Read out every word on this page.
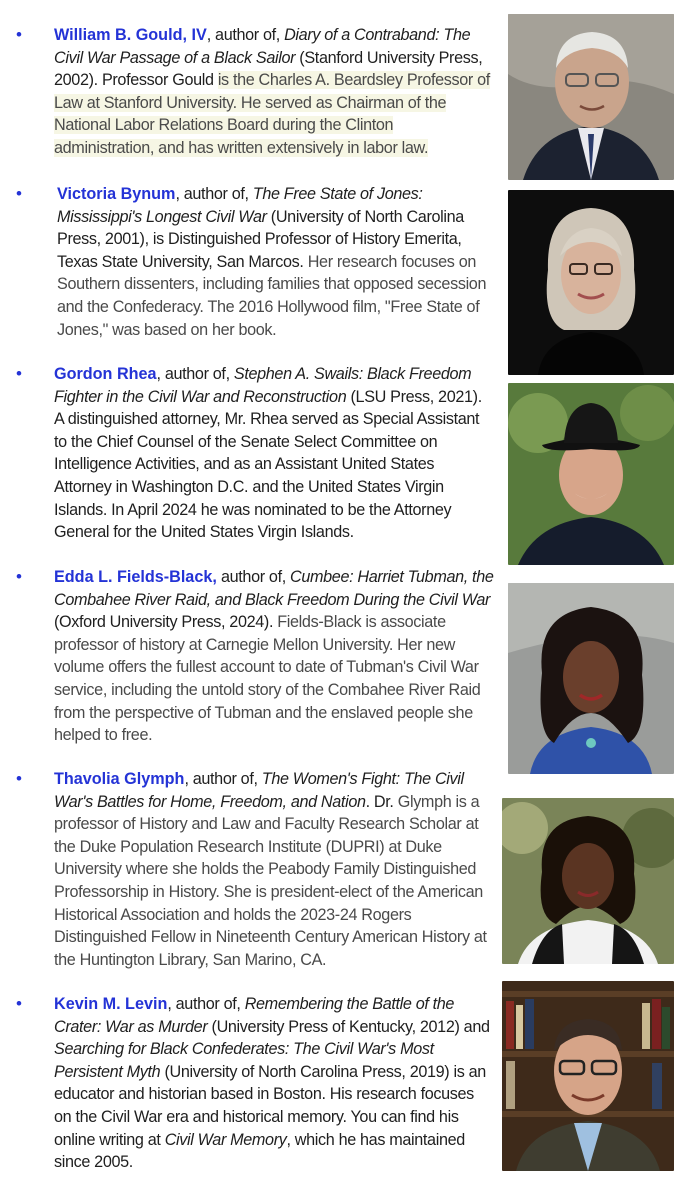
• William B. Gould, IV, author of, Diary of a Contraband: The Civil War Passage of a Black Sailor (Stanford University Press, 2002). Professor Gould is the Charles A. Beardsley Professor of Law at Stanford University. He served as Chairman of the National Labor Relations Board during the Clinton administration, and has written extensively in labor law.
• Victoria Bynum, author of, The Free State of Jones: Mississippi's Longest Civil War (University of North Carolina Press, 2001), is Distinguished Professor of History Emerita, Texas State University, San Marcos. Her research focuses on Southern dissenters, including families that opposed secession and the Confederacy. The 2016 Hollywood film, "Free State of Jones," was based on her book.
• Gordon Rhea, author of, Stephen A. Swails: Black Freedom Fighter in the Civil War and Reconstruction (LSU Press, 2021). A distinguished attorney, Mr. Rhea served as Special Assistant to the Chief Counsel of the Senate Select Committee on Intelligence Activities, and as an Assistant United States Attorney in Washington D.C. and the United States Virgin Islands. In April 2024 he was nominated to be the Attorney General for the United States Virgin Islands.
• Edda L. Fields-Black, author of, Cumbee: Harriet Tubman, the Combahee River Raid, and Black Freedom During the Civil War (Oxford University Press, 2024). Fields-Black is associate professor of history at Carnegie Mellon University. Her new volume offers the fullest account to date of Tubman's Civil War service, including the untold story of the Combahee River Raid from the perspective of Tubman and the enslaved people she helped to free.
• Thavolia Glymph, author of, The Women's Fight: The Civil War's Battles for Home, Freedom, and Nation. Dr. Glymph is a professor of History and Law and Faculty Research Scholar at the Duke Population Research Institute (DUPRI) at Duke University where she holds the Peabody Family Distinguished Professorship in History. She is president-elect of the American Historical Association and holds the 2023-24 Rogers Distinguished Fellow in Nineteenth Century American History at the Huntington Library, San Marino, CA.
• Kevin M. Levin, author of, Remembering the Battle of the Crater: War as Murder (University Press of Kentucky, 2012) and Searching for Black Confederates: The Civil War's Most Persistent Myth (University of North Carolina Press, 2019) is an educator and historian based in Boston. His research focuses on the Civil War era and historical memory. You can find his online writing at Civil War Memory, which he has maintained since 2005.
